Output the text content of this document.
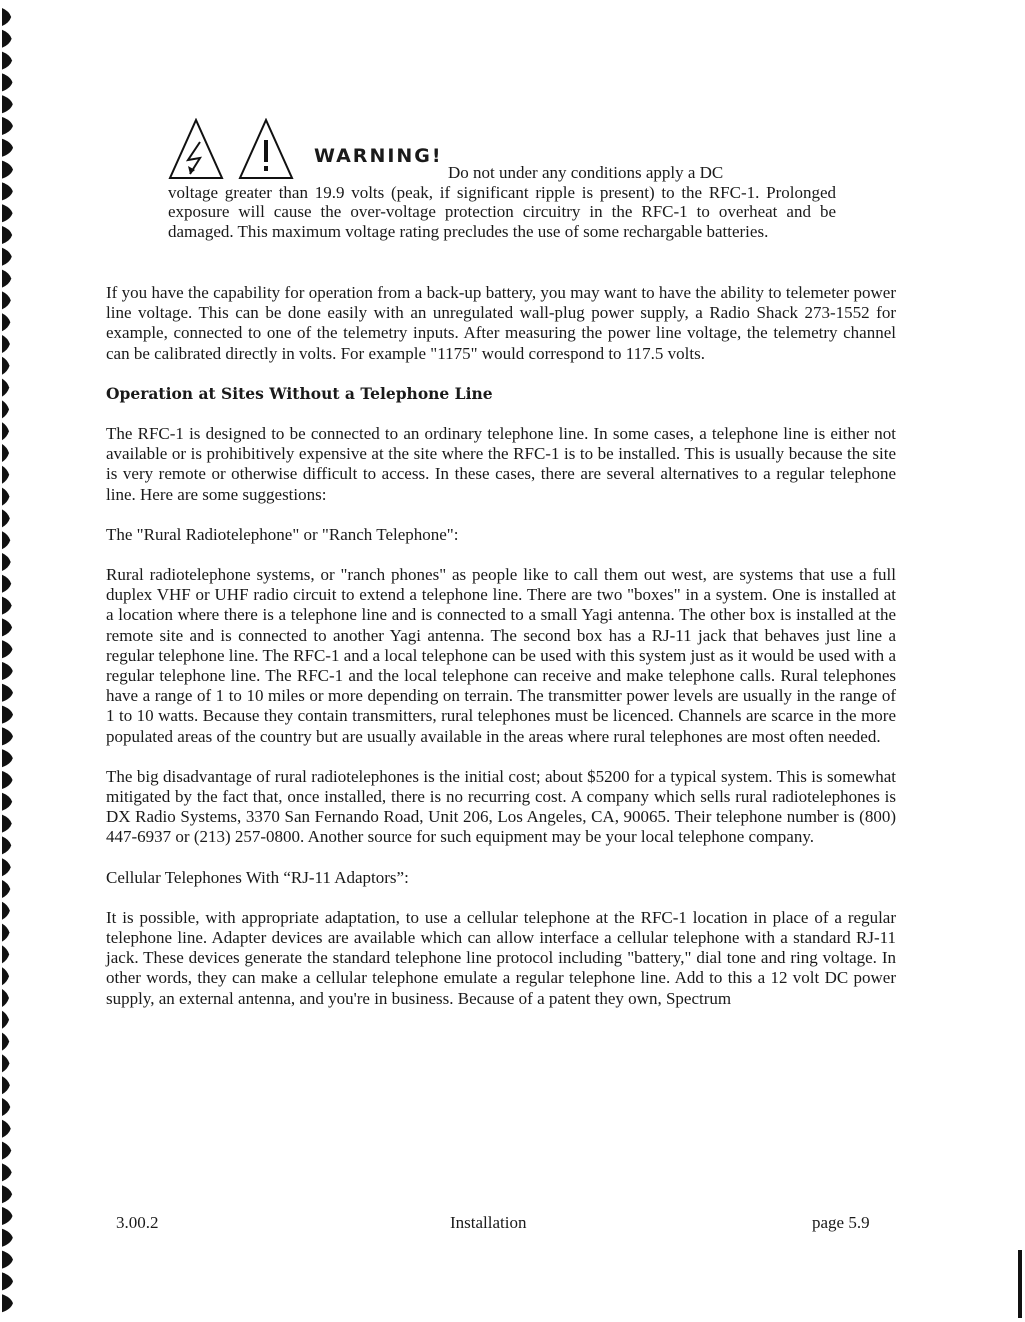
WARNING!
Do not under any conditions apply a DC
voltage greater than 19.9 volts (peak, if significant ripple is present) to the RFC-1. Prolonged exposure will cause the over-voltage protection circuitry in the RFC-1 to overheat and be damaged. This maximum voltage rating precludes the use of some rechargable batteries.

If you have the capability for operation from a back-up battery, you may want to have the ability to telemeter power line voltage. This can be done easily with an unregulated wall-plug power supply, a Radio Shack 273-1552 for example, connected to one of the telemetry inputs. After measuring the power line voltage, the telemetry channel can be calibrated directly in volts. For example "1175" would correspond to 117.5 volts.

Operation at Sites Without a Telephone Line

The RFC-1 is designed to be connected to an ordinary telephone line. In some cases, a telephone line is either not available or is prohibitively expensive at the site where the RFC-1 is to be installed. This is usually because the site is very remote or otherwise difficult to access. In these cases, there are several alternatives to a regular telephone line. Here are some suggestions:

The "Rural Radiotelephone" or "Ranch Telephone":

Rural radiotelephone systems, or "ranch phones" as people like to call them out west, are systems that use a full duplex VHF or UHF radio circuit to extend a telephone line. There are two "boxes" in a system. One is installed at a location where there is a telephone line and is connected to a small Yagi antenna. The other box is installed at the remote site and is connected to another Yagi antenna. The second box has a RJ-11 jack that behaves just line a regular telephone line. The RFC-1 and a local telephone can be used with this system just as it would be used with a regular telephone line. The RFC-1 and the local telephone can receive and make telephone calls. Rural telephones have a range of 1 to 10 miles or more depending on terrain. The transmitter power levels are usually in the range of 1 to 10 watts. Because they contain transmitters, rural telephones must be licenced. Channels are scarce in the more populated areas of the country but are usually available in the areas where rural telephones are most often needed.

The big disadvantage of rural radiotelephones is the initial cost; about $5200 for a typical system. This is somewhat mitigated by the fact that, once installed, there is no recurring cost. A company which sells rural radiotelephones is DX Radio Systems, 3370 San Fernando Road, Unit 206, Los Angeles, CA, 90065. Their telephone number is (800) 447-6937 or (213) 257-0800. Another source for such equipment may be your local telephone company.

Cellular Telephones With “RJ-11 Adaptors”:

It is possible, with appropriate adaptation, to use a cellular telephone at the RFC-1 location in place of a regular telephone line. Adapter devices are available which can allow interface a cellular telephone with a standard RJ-11 jack. These devices generate the standard telephone line protocol including "battery," dial tone and ring voltage. In other words, they can make a cellular telephone emulate a regular telephone line. Add to this a 12 volt DC power supply, an external antenna, and you're in business. Because of a patent they own, Spectrum

3.00.2	Installation	page 5.9
